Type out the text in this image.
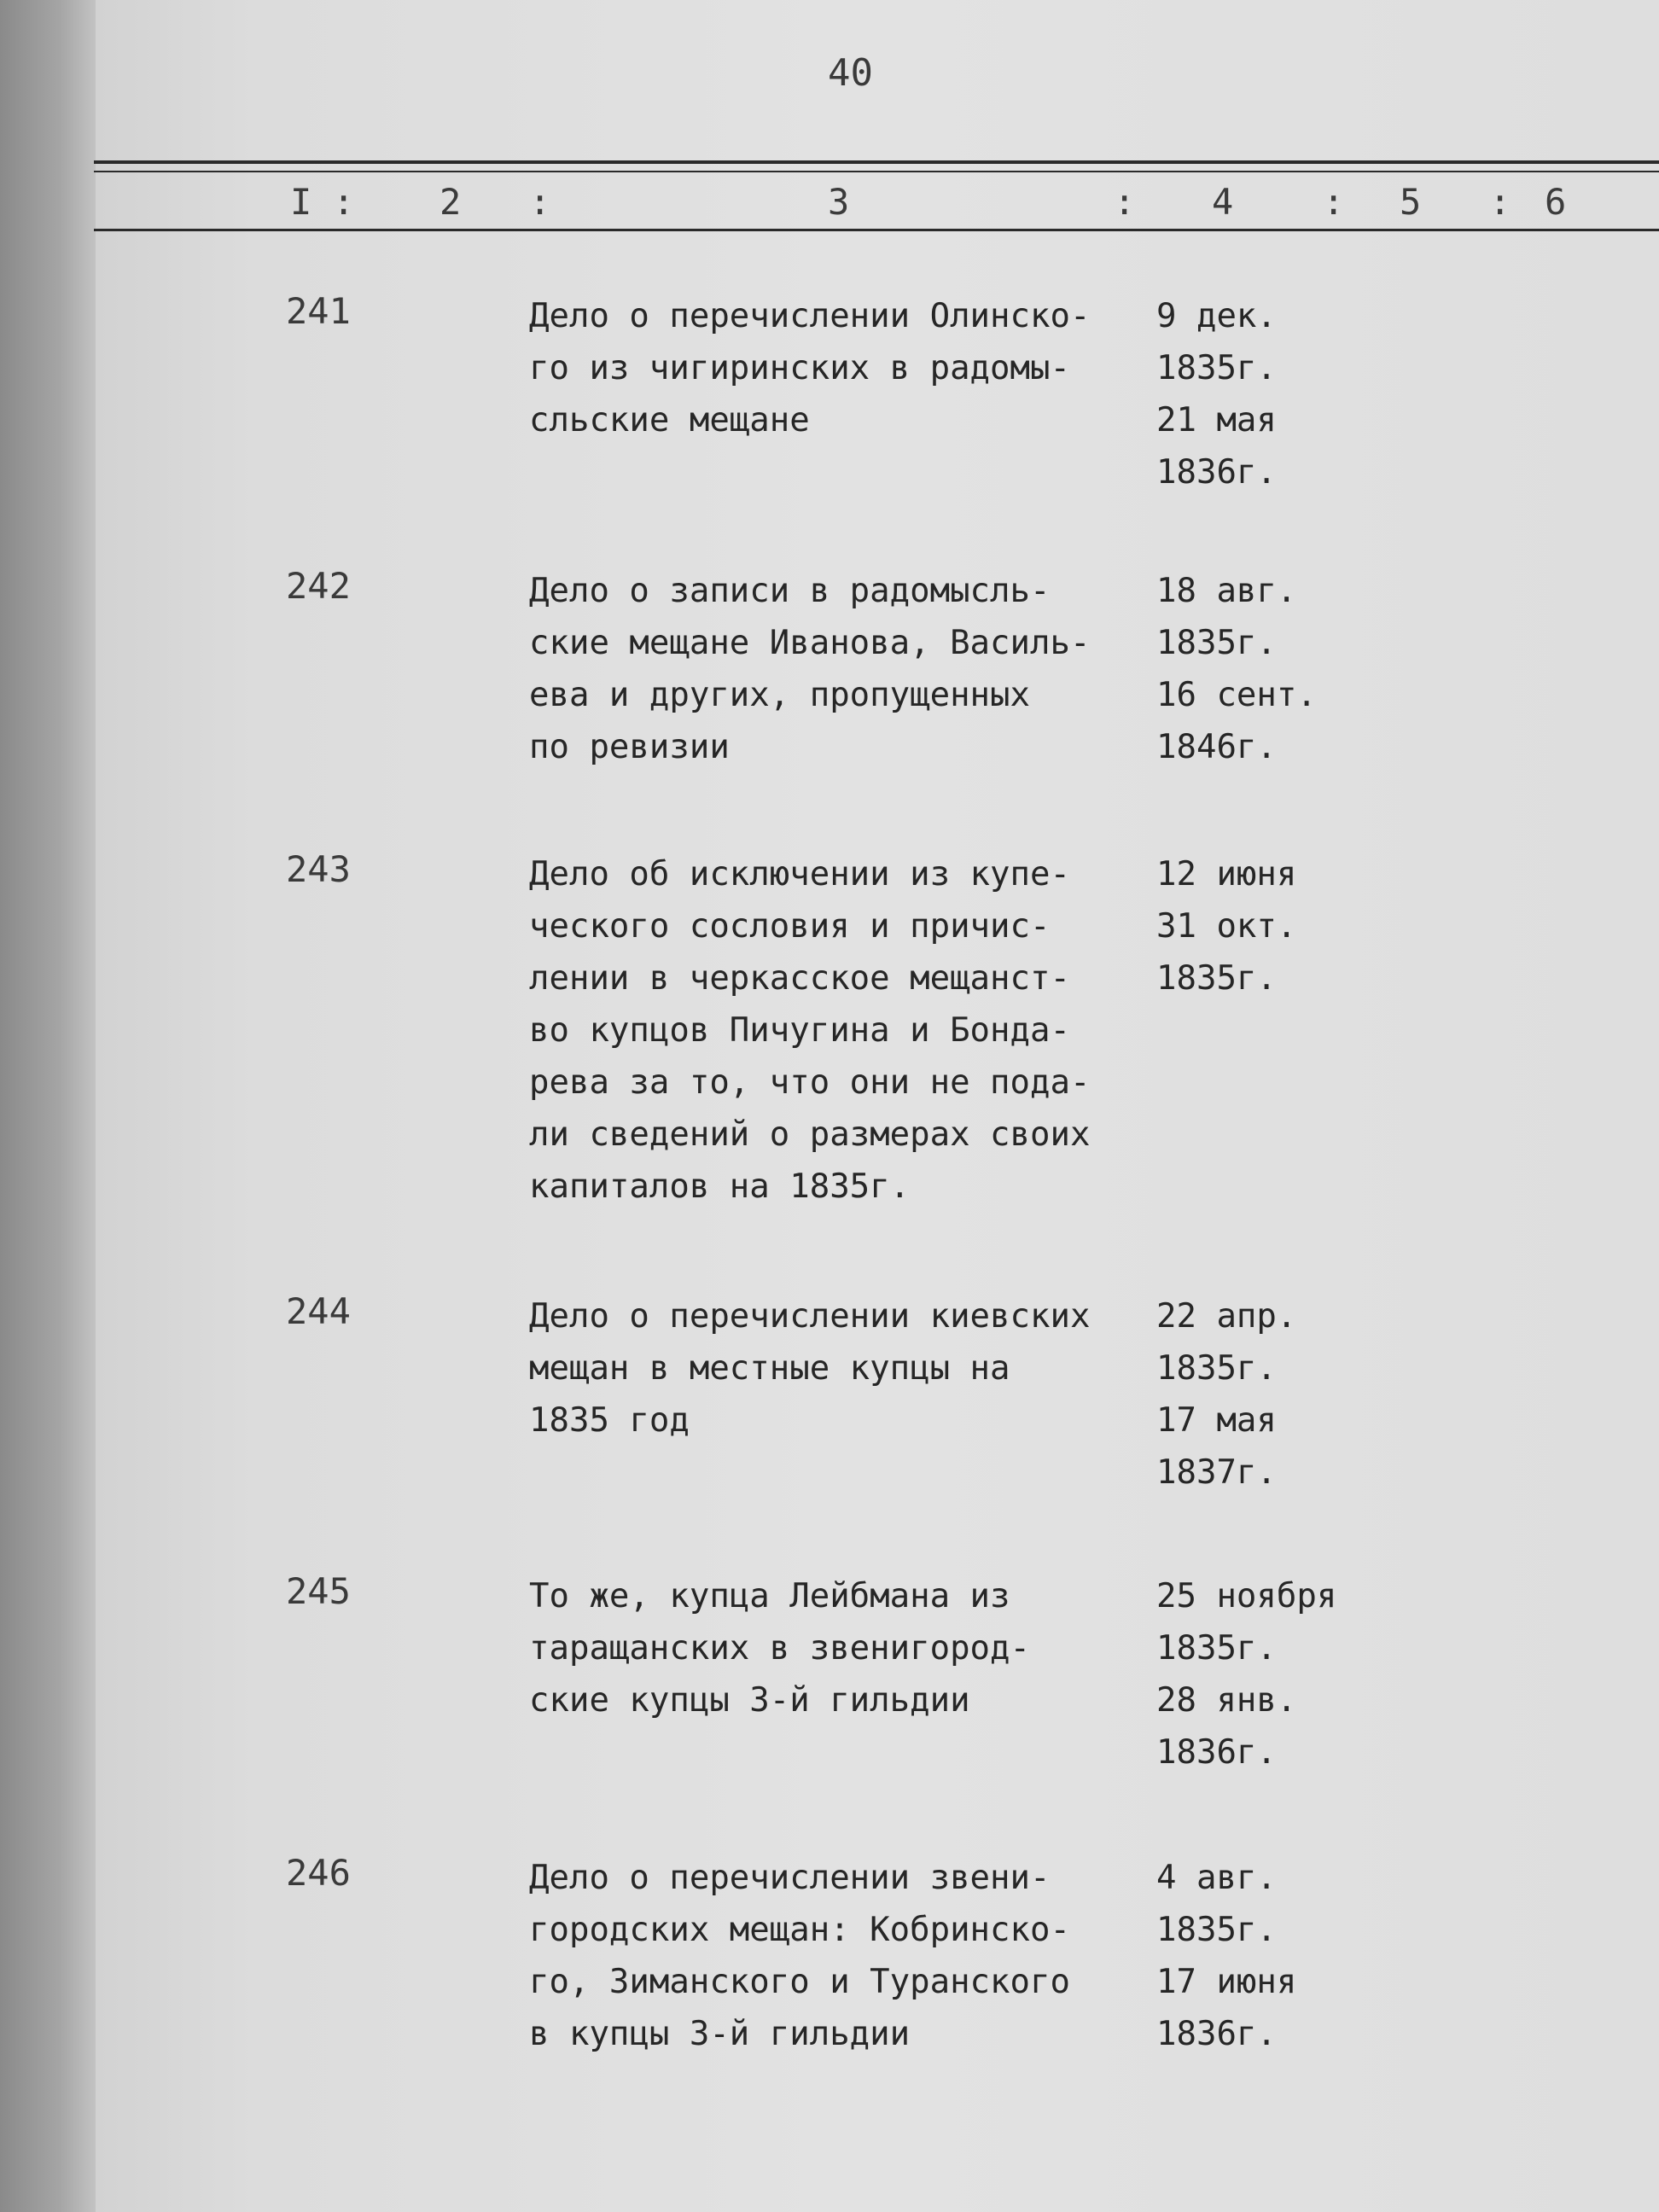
40
I : 2 :	3	: 4 : 5 : 6
241	Дело о перечислении Олинско-
го из чигиринских в радомы-
сльские мещане
9 дек.
1835г.
21 мая
1836г.
242	Дело о записи в радомысль-
ские мещане Иванова, Василь-
ева и других, пропущенных
по ревизии
18 авг.
1835г.
16 сент.
1846г.
243	Дело об исключении из купе-
ческого сословия и причис-
лении в черкасское мещанст-
во купцов Пичугина и Бонда-
рева за то, что они не пода-
ли сведений о размерах своих
капиталов на 1835г.
12 июня
31 окт.
1835г.
244	Дело о перечислении киевских
мещан в местные купцы на
1835 год
22 апр.
1835г.
17 мая
1837г.
245	То же, купца Лейбмана из
таращанских в звенигород-
ские купцы 3-й гильдии
25 ноября
1835г.
28 янв.
1836г.
246	Дело о перечислении звени-
городских мещан: Кобринско-
го, Зиманского и Туранского
в купцы 3-й гильдии
4 авг.
1835г.
17 июня
1836г.
